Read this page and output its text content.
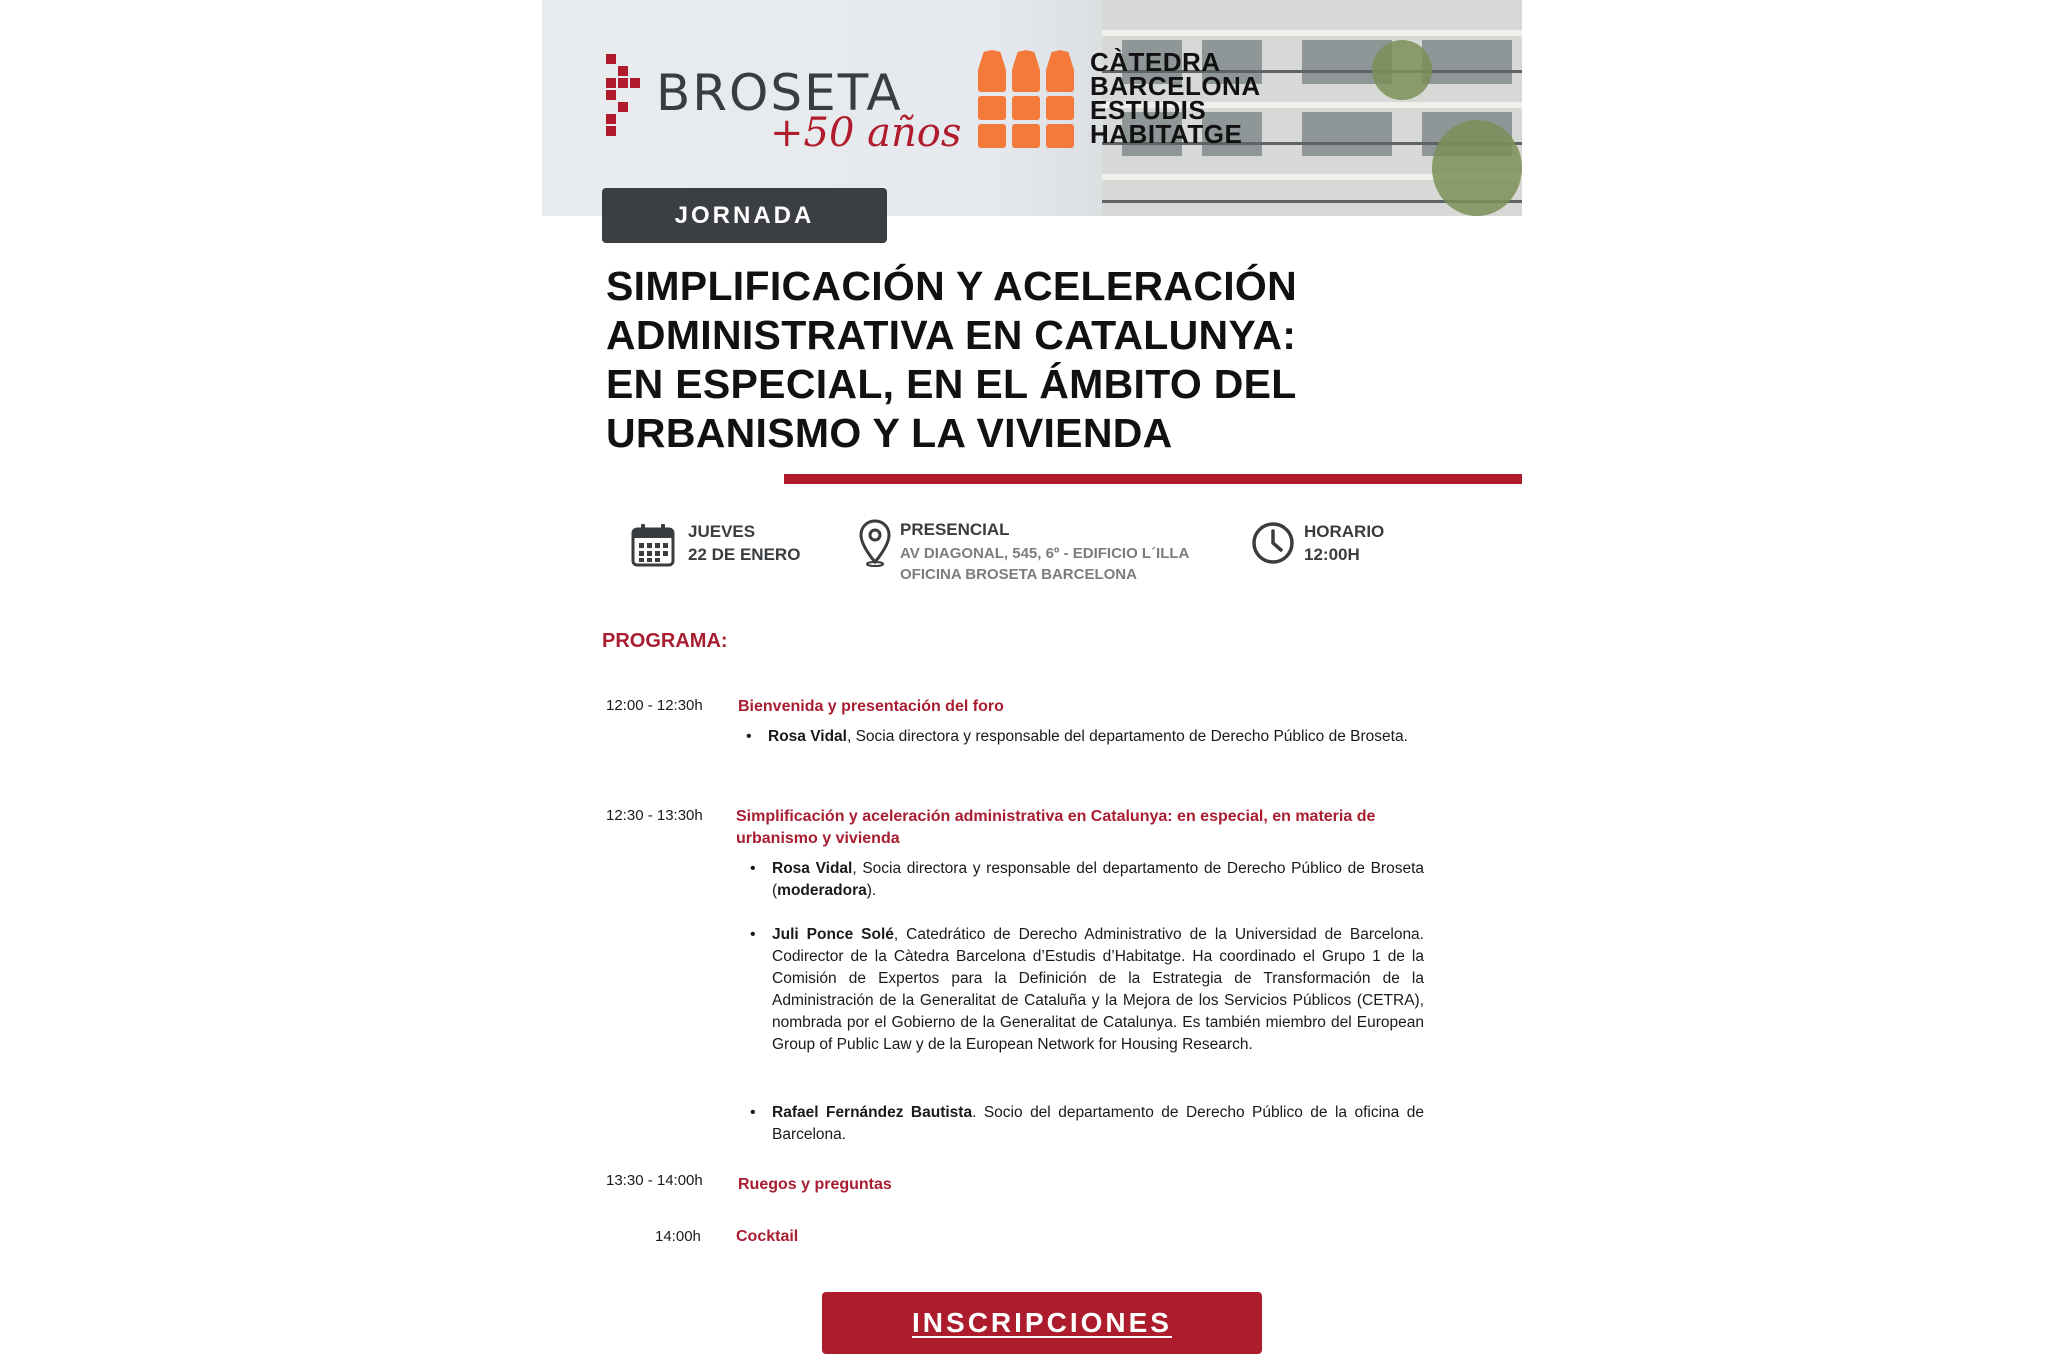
BROSETA
+50 años
CÀTEDRA
BARCELONA
ESTUDIS
HABITATGE
JORNADA
SIMPLIFICACIÓN Y ACELERACIÓN
ADMINISTRATIVA EN CATALUNYA:
EN ESPECIAL, EN EL ÁMBITO DEL
URBANISMO Y LA VIVIENDA
JUEVES
22 DE ENERO
PRESENCIAL
AV DIAGONAL, 545, 6º - EDIFICIO L´ILLA
OFICINA BROSETA BARCELONA
HORARIO
12:00H
PROGRAMA:
12:00 - 12:30h Bienvenida y presentación del foro
• Rosa Vidal, Socia directora y responsable del departamento de Derecho Público de Broseta.
12:30 - 13:30h Simplificación y aceleración administrativa en Catalunya: en especial, en materia de urbanismo y vivienda
• Rosa Vidal, Socia directora y responsable del departamento de Derecho Público de Broseta (moderadora).
• Juli Ponce Solé, Catedrático de Derecho Administrativo de la Universidad de Barcelona. Codirector de la Càtedra Barcelona d’Estudis d’Habitatge. Ha coordinado el Grupo 1 de la Comisión de Expertos para la Definición de la Estrategia de Transformación de la Administración de la Generalitat de Cataluña y la Mejora de los Servicios Públicos (CETRA), nombrada por el Gobierno de la Generalitat de Catalunya. Es también miembro del European Group of Public Law y de la European Network for Housing Research.
• Rafael Fernández Bautista. Socio del departamento de Derecho Público de la oficina de Barcelona.
13:30 - 14:00h Ruegos y preguntas
14:00h Cocktail
INSCRIPCIONES
